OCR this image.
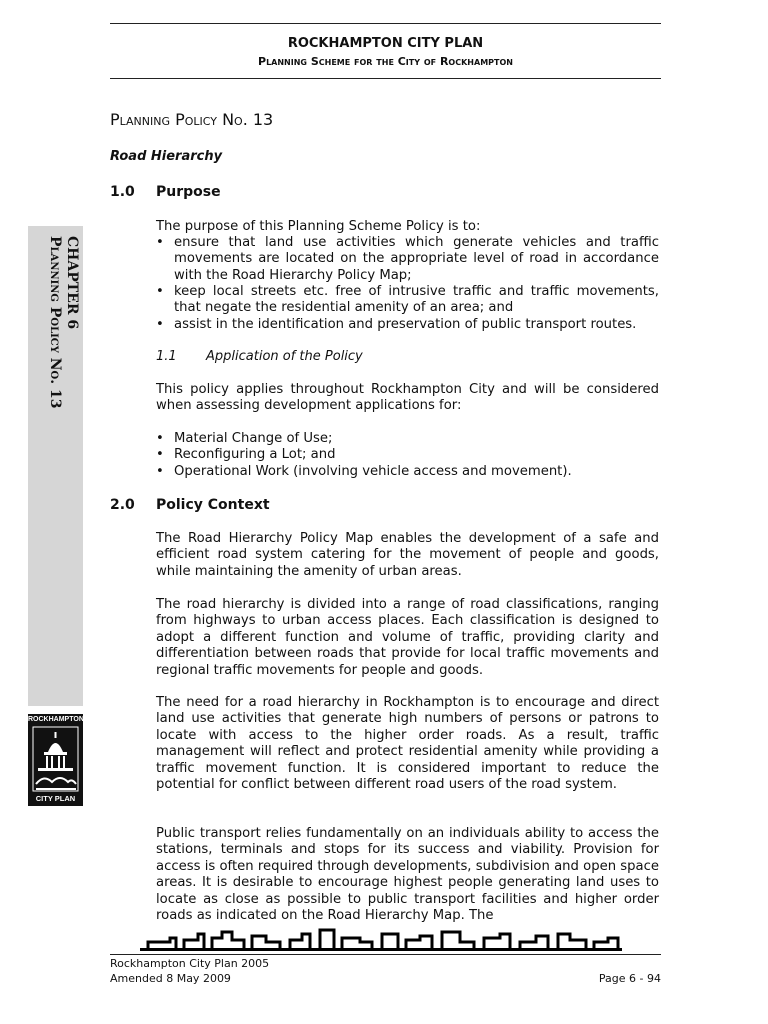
ROCKHAMPTON CITY PLAN
Planning Scheme for the City of Rockhampton
CHAPTER 6
Planning Policy No. 13
ROCKHAMPTON
CITY PLAN
Planning Policy No. 13
Road Hierarchy
1.0 Purpose
The purpose of this Planning Scheme Policy is to:
• ensure that land use activities which generate vehicles and traffic movements are located on the appropriate level of road in accordance with the Road Hierarchy Policy Map;
• keep local streets etc. free of intrusive traffic and traffic movements, that negate the residential amenity of an area; and
• assist in the identification and preservation of public transport routes.
1.1 Application of the Policy
This policy applies throughout Rockhampton City and will be considered when assessing development applications for:
• Material Change of Use;
• Reconfiguring a Lot; and
• Operational Work (involving vehicle access and movement).
2.0 Policy Context
The Road Hierarchy Policy Map enables the development of a safe and efficient road system catering for the movement of people and goods, while maintaining the amenity of urban areas.
The road hierarchy is divided into a range of road classifications, ranging from highways to urban access places. Each classification is designed to adopt a different function and volume of traffic, providing clarity and differentiation between roads that provide for local traffic movements and regional traffic movements for people and goods.
The need for a road hierarchy in Rockhampton is to encourage and direct land use activities that generate high numbers of persons or patrons to locate with access to the higher order roads. As a result, traffic management will reflect and protect residential amenity while providing a traffic movement function. It is considered important to reduce the potential for conflict between different road users of the road system.
Public transport relies fundamentally on an individuals ability to access the stations, terminals and stops for its success and viability. Provision for access is often required through developments, subdivision and open space areas. It is desirable to encourage highest people generating land uses to locate as close as possible to public transport facilities and higher order roads as indicated on the Road Hierarchy Map. The
Rockhampton City Plan 2005
Amended 8 May 2009	Page 6 - 94
